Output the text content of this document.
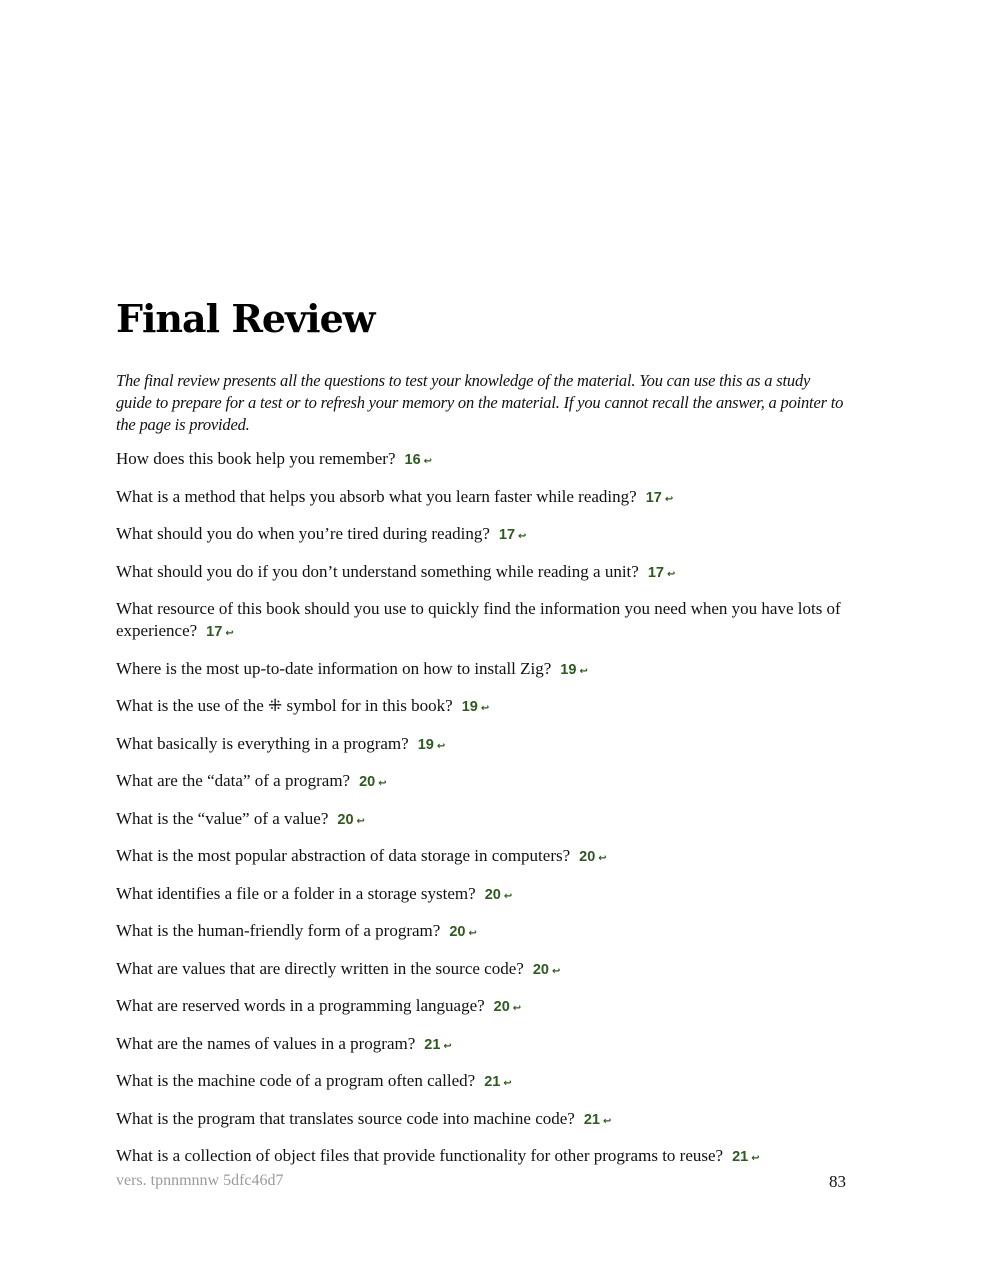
Final Review

The final review presents all the questions to test your knowledge of the material. You can use this as a study guide to prepare for a test or to refresh your memory on the material. If you cannot recall the answer, a pointer to the page is provided.

How does this book help you remember? 16 ↩
What is a method that helps you absorb what you learn faster while reading? 17 ↩
What should you do when you’re tired during reading? 17 ↩
What should you do if you don’t understand something while reading a unit? 17 ↩
What resource of this book should you use to quickly find the information you need when you have lots of experience? 17 ↩
Where is the most up-to-date information on how to install Zig? 19 ↩
What is the use of the ⁜ symbol for in this book? 19 ↩
What basically is everything in a program? 19 ↩
What are the “data” of a program? 20 ↩
What is the “value” of a value? 20 ↩
What is the most popular abstraction of data storage in computers? 20 ↩
What identifies a file or a folder in a storage system? 20 ↩
What is the human-friendly form of a program? 20 ↩
What are values that are directly written in the source code? 20 ↩
What are reserved words in a programming language? 20 ↩
What are the names of values in a program? 21 ↩
What is the machine code of a program often called? 21 ↩
What is the program that translates source code into machine code? 21 ↩
What is a collection of object files that provide functionality for other programs to reuse? 21 ↩
vers. tpnnmnnw 5dfc46d7	83
